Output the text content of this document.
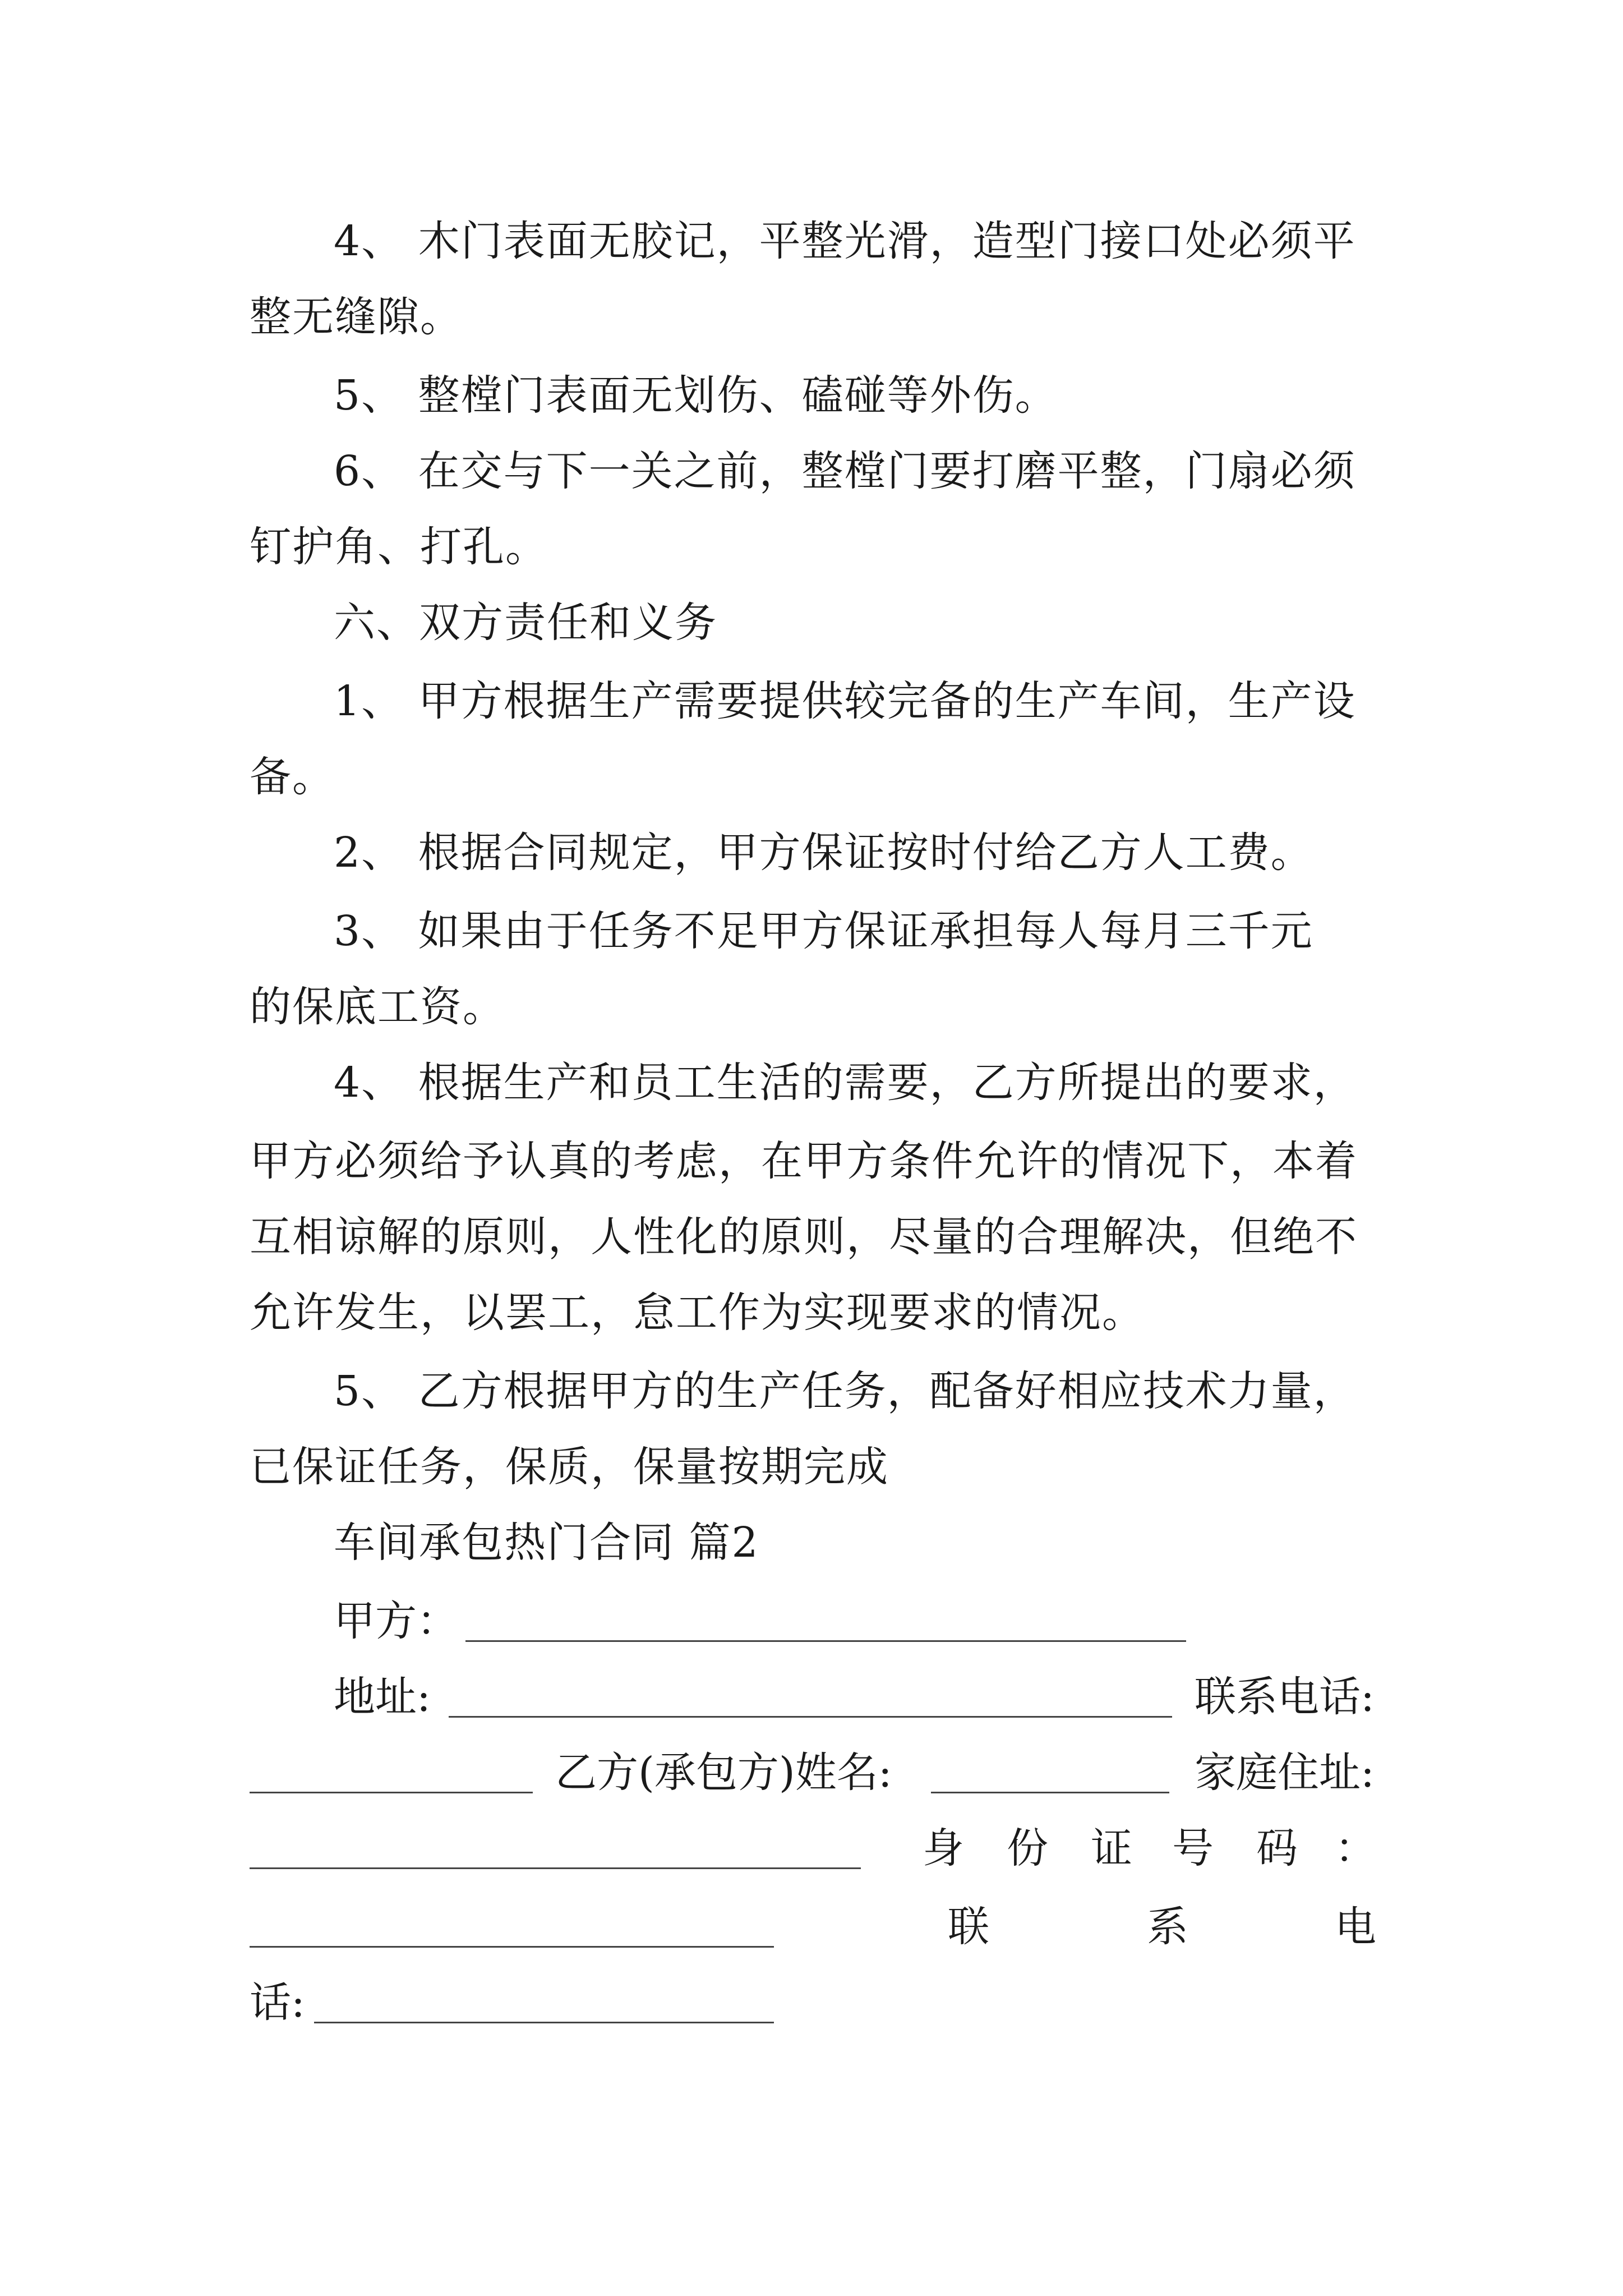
4、 木门表面无胶记，平整光滑，造型门接口处必须平
整无缝隙。
5、 整樘门表面无划伤、磕碰等外伤。
6、 在交与下一关之前，整樘门要打磨平整，门扇必须
钉护角、打孔。
六、双方责任和义务
1、 甲方根据生产需要提供较完备的生产车间，生产设
备。
2、 根据合同规定，甲方保证按时付给乙方人工费。
3、 如果由于任务不足甲方保证承担每人每月三千元
的保底工资。
4、 根据生产和员工生活的需要，乙方所提出的要求，
甲方必须给予认真的考虑，在甲方条件允许的情况下，本着
互相谅解的原则，人性化的原则，尽量的合理解决，但绝不
允许发生，以罢工，怠工作为实现要求的情况。
5、 乙方根据甲方的生产任务，配备好相应技术力量，
已保证任务，保质，保量按期完成
车间承包热门合同 篇2
甲方：
地址:	联系电话:
乙方(承包方)姓名:	家庭住址:
身 份 证 号 码 ：
联	系	电
话:
